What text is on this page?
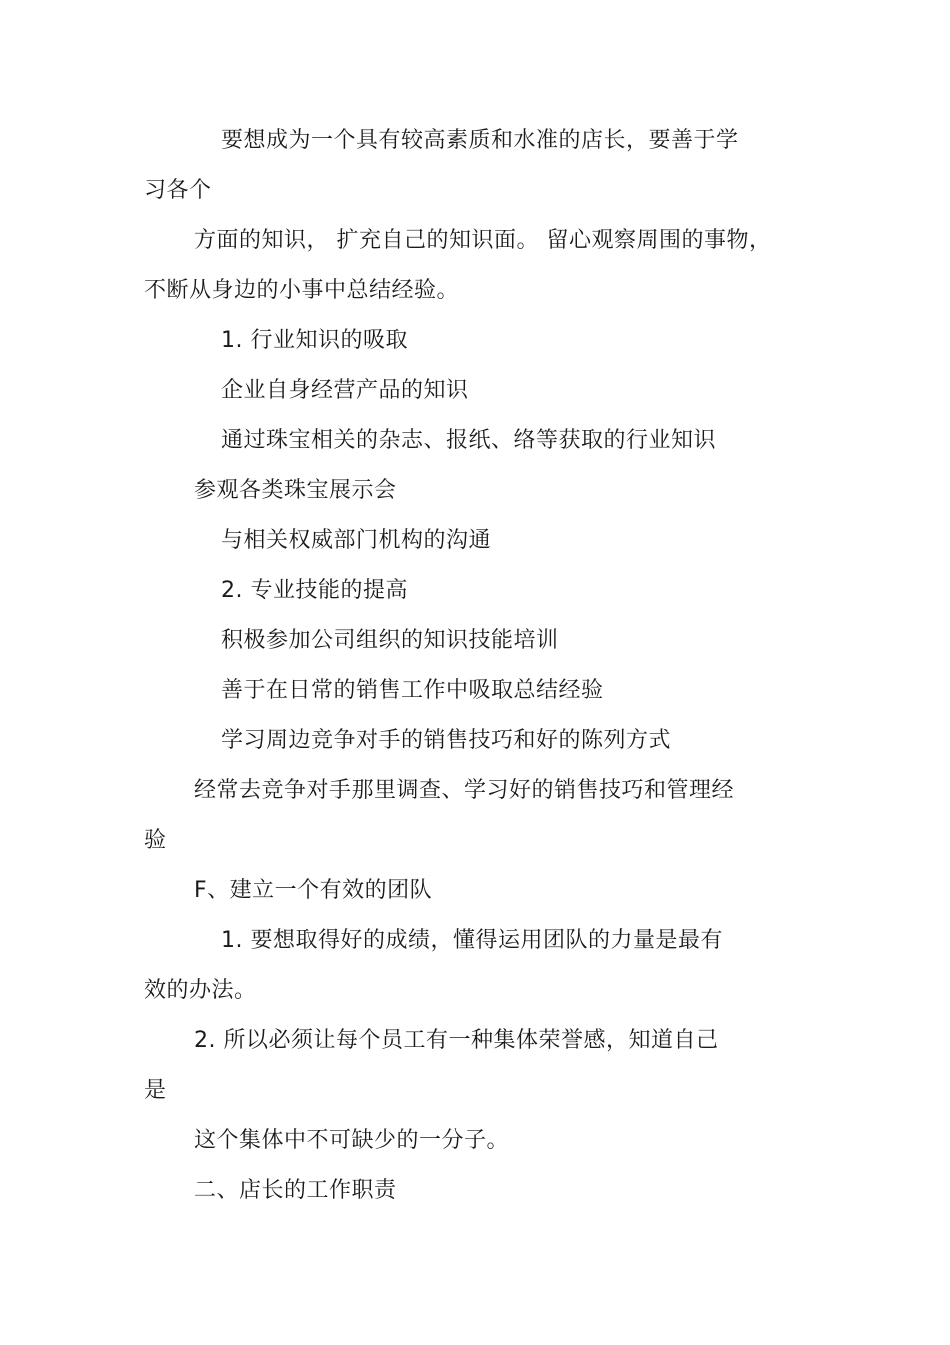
要想成为一个具有较高素质和水准的店长，要善于学
习各个
方面的知识， 扩充自己的知识面。 留心观察周围的事物，
不断从身边的小事中总结经验。
1. 行业知识的吸取
企业自身经营产品的知识
通过珠宝相关的杂志、报纸、络等获取的行业知识
参观各类珠宝展示会
与相关权威部门机构的沟通
2. 专业技能的提高
积极参加公司组织的知识技能培训
善于在日常的销售工作中吸取总结经验
学习周边竞争对手的销售技巧和好的陈列方式
经常去竞争对手那里调查、学习好的销售技巧和管理经
验
F、建立一个有效的团队
1. 要想取得好的成绩，懂得运用团队的力量是最有
效的办法。
2. 所以必须让每个员工有一种集体荣誉感，知道自己
是
这个集体中不可缺少的一分子。
二、店长的工作职责
